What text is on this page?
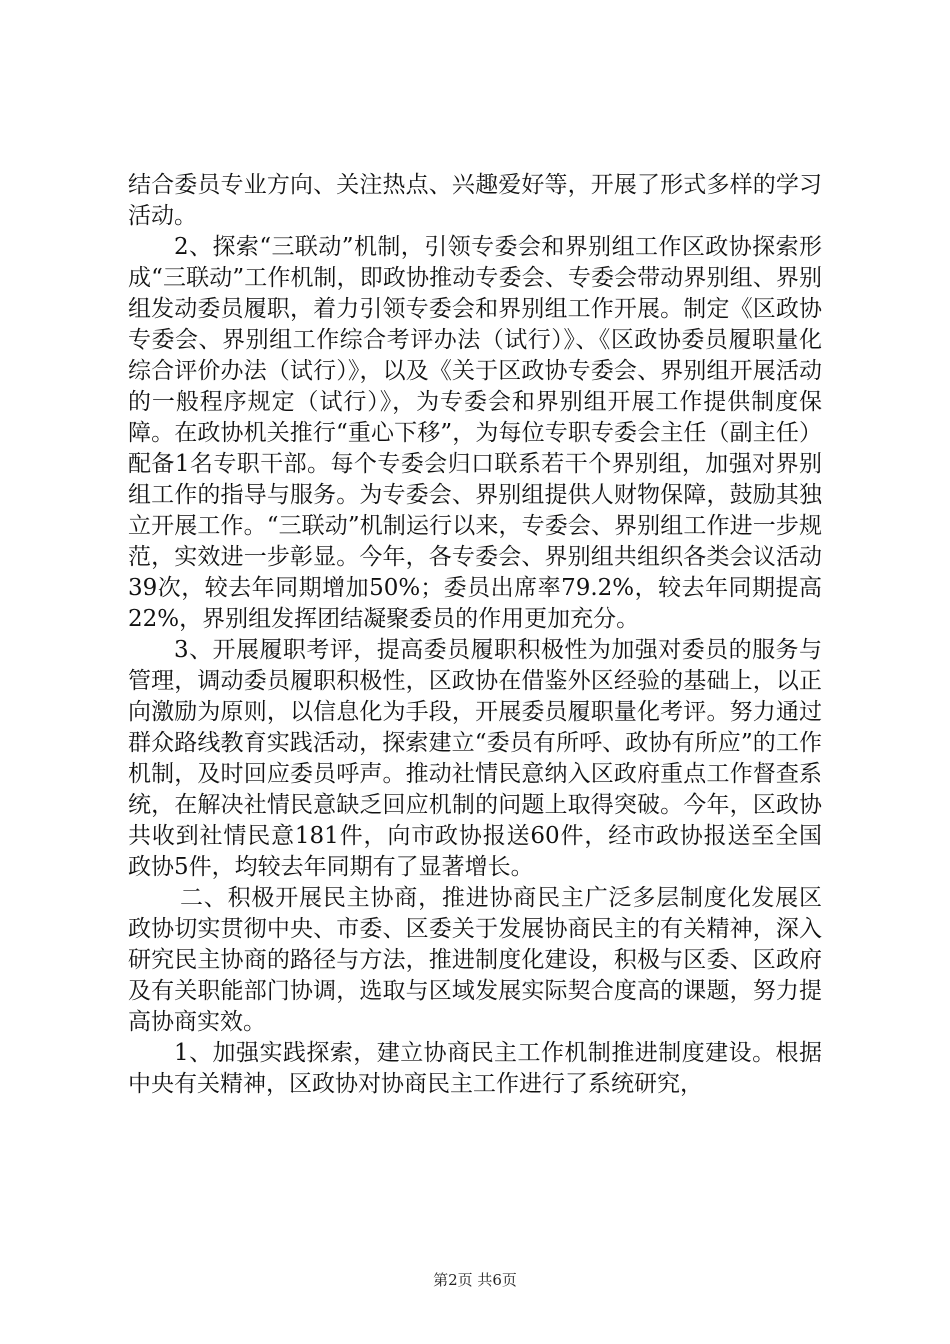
结合委员专业方向、关注热点、兴趣爱好等，开展了形式多样的学习活动。

2、探索“三联动”机制，引领专委会和界别组工作区政协探索形成“三联动”工作机制，即政协推动专委会、专委会带动界别组、界别组发动委员履职，着力引领专委会和界别组工作开展。制定《区政协专委会、界别组工作综合考评办法（试行）》、《区政协委员履职量化综合评价办法（试行）》，以及《关于区政协专委会、界别组开展活动的一般程序规定（试行）》，为专委会和界别组开展工作提供制度保障。在政协机关推行“重心下移”，为每位专职专委会主任（副主任）配备1名专职干部。每个专委会归口联系若干个界别组，加强对界别组工作的指导与服务。为专委会、界别组提供人财物保障，鼓励其独立开展工作。“三联动”机制运行以来，专委会、界别组工作进一步规范，实效进一步彰显。今年，各专委会、界别组共组织各类会议活动39次，较去年同期增加50%；委员出席率79.2%，较去年同期提高22%，界别组发挥团结凝聚委员的作用更加充分。

3、开展履职考评，提高委员履职积极性为加强对委员的服务与管理，调动委员履职积极性，区政协在借鉴外区经验的基础上，以正向激励为原则，以信息化为手段，开展委员履职量化考评。努力通过群众路线教育实践活动，探索建立“委员有所呼、政协有所应”的工作机制，及时回应委员呼声。推动社情民意纳入区政府重点工作督查系统，在解决社情民意缺乏回应机制的问题上取得突破。今年，区政协共收到社情民意181件，向市政协报送60件，经市政协报送至全国政协5件，均较去年同期有了显著增长。

二、积极开展民主协商，推进协商民主广泛多层制度化发展区政协切实贯彻中央、市委、区委关于发展协商民主的有关精神，深入研究民主协商的路径与方法，推进制度化建设，积极与区委、区政府及有关职能部门协调，选取与区域发展实际契合度高的课题，努力提高协商实效。

1、加强实践探索，建立协商民主工作机制推进制度建设。根据中央有关精神，区政协对协商民主工作进行了系统研究，

第2页 共6页
